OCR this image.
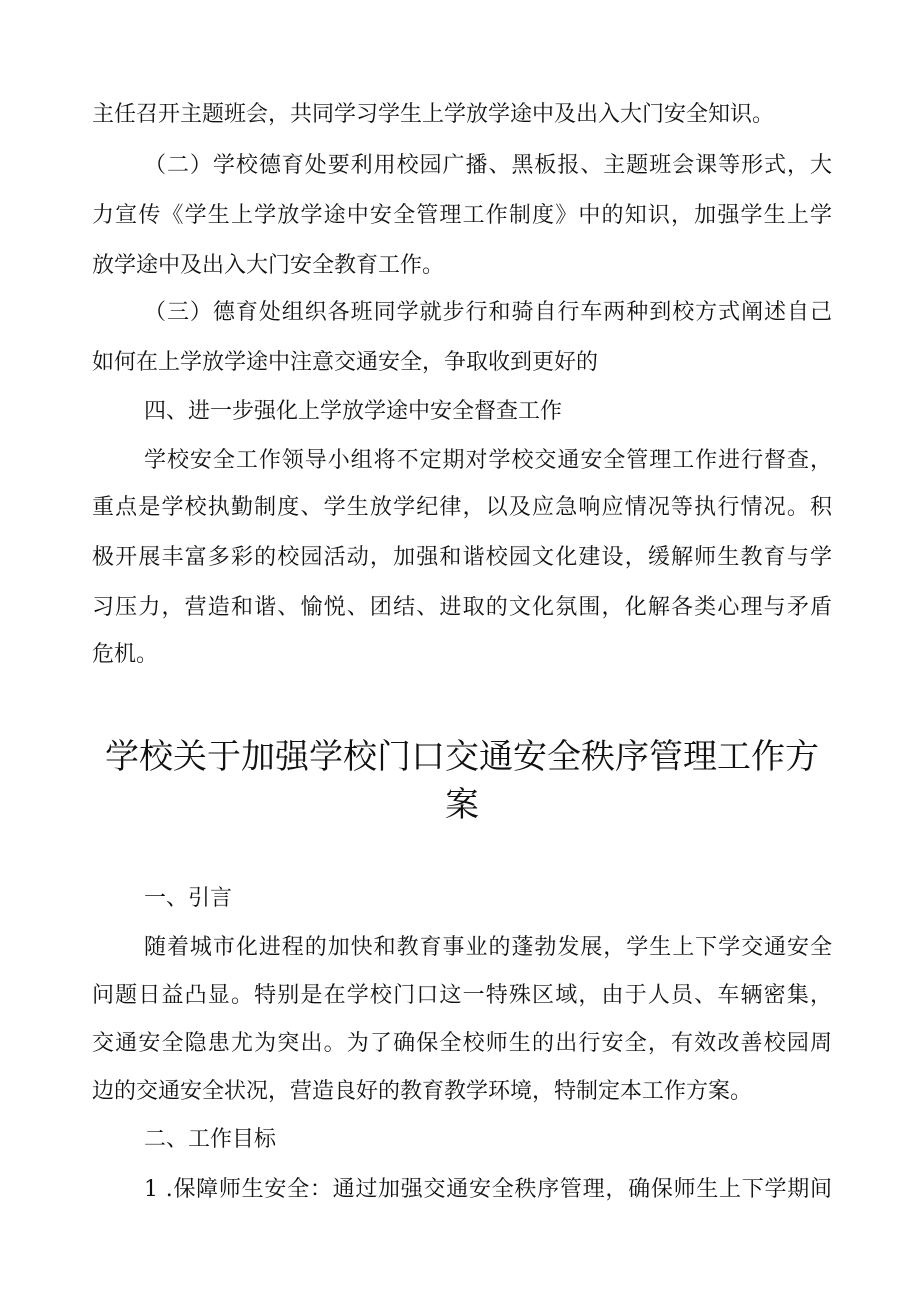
主任召开主题班会，共同学习学生上学放学途中及出入大门安全知识。
（二）学校德育处要利用校园广播、黑板报、主题班会课等形式，大
力宣传《学生上学放学途中安全管理工作制度》中的知识，加强学生上学
放学途中及出入大门安全教育工作。
（三）德育处组织各班同学就步行和骑自行车两种到校方式阐述自己
如何在上学放学途中注意交通安全，争取收到更好的
四、进一步强化上学放学途中安全督查工作
学校安全工作领导小组将不定期对学校交通安全管理工作进行督查，
重点是学校执勤制度、学生放学纪律，以及应急响应情况等执行情况。积
极开展丰富多彩的校园活动，加强和谐校园文化建设，缓解师生教育与学
习压力，营造和谐、愉悦、团结、进取的文化氛围，化解各类心理与矛盾
危机。
学校关于加强学校门口交通安全秩序管理工作方
案
一、引言
随着城市化进程的加快和教育事业的蓬勃发展，学生上下学交通安全
问题日益凸显。特别是在学校门口这一特殊区域，由于人员、车辆密集，
交通安全隐患尤为突出。为了确保全校师生的出行安全，有效改善校园周
边的交通安全状况，营造良好的教育教学环境，特制定本工作方案。
二、工作目标
1 .保障师生安全：通过加强交通安全秩序管理，确保师生上下学期间
